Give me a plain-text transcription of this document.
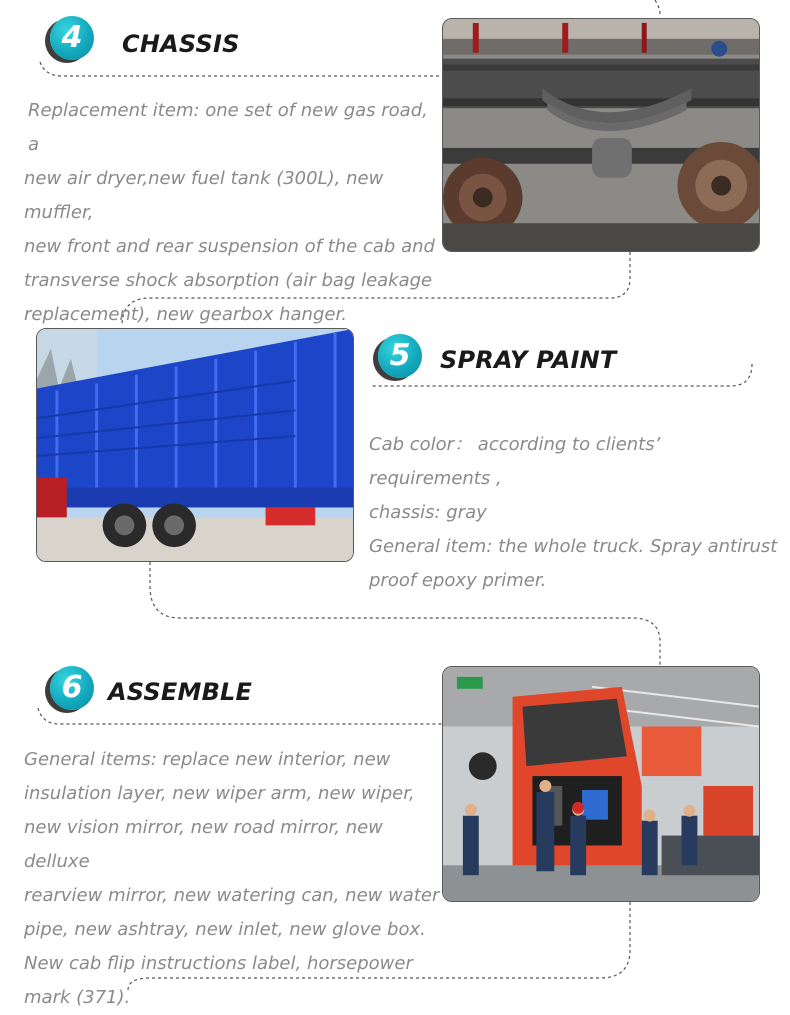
4	CHASSIS
Replacement item: one set of new gas road, a
new air dryer,new fuel tank (300L), new muffler,
new front and rear suspension of the cab and
transverse shock absorption (air bag leakage
replacement), new gearbox hanger.
5	SPRAY PAINT
Cab color： according to clients’ requirements ,
chassis: gray
General item: the whole truck. Spray antirust
proof epoxy primer.
6	ASSEMBLE
General items: replace new interior, new
insulation layer, new wiper arm, new wiper,
new vision mirror, new road mirror, new delluxe
rearview mirror, new watering can, new water
pipe, new ashtray, new inlet, new glove box.
New cab flip instructions label, horsepower
mark (371).
